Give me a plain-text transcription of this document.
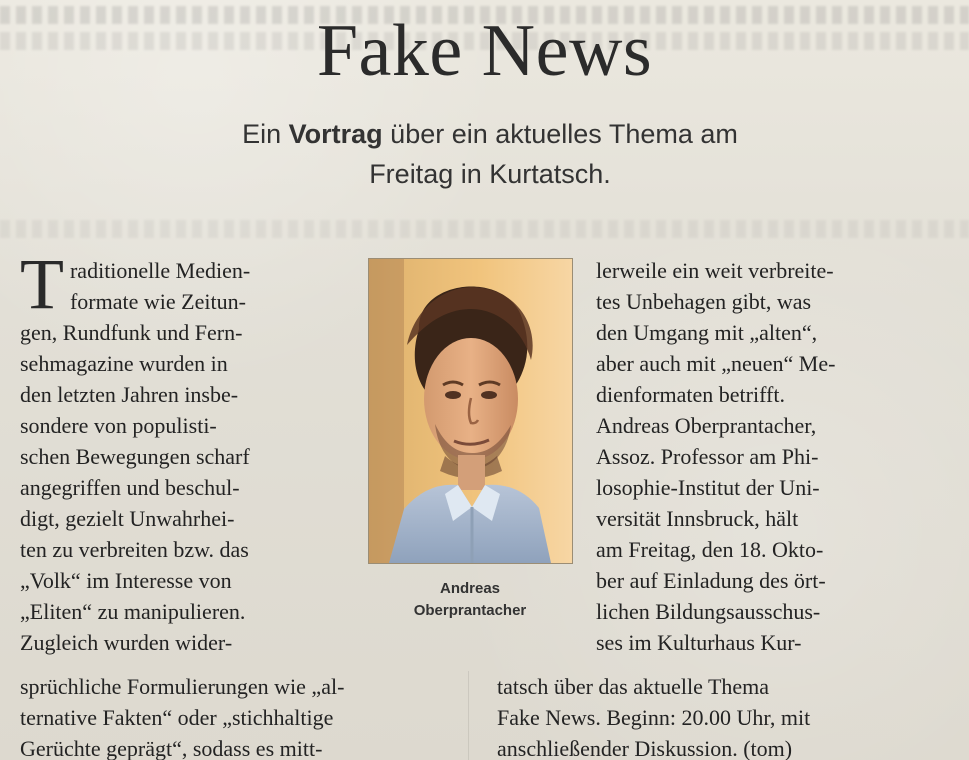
Fake News
Ein Vortrag über ein aktuelles Thema am
Freitag in Kurtatsch.
T raditionelle Medien-
formate wie Zeitun-
gen, Rundfunk und Fern-
sehmagazine wurden in
den letzten Jahren insbe-
sondere von populisti-
schen Bewegungen scharf
angegriffen und beschul-
digt, gezielt Unwahrhei-
ten zu verbreiten bzw. das
„Volk“ im Interesse von
„Eliten“ zu manipulieren.
Zugleich wurden wider-
Andreas
Oberprantacher
lerweile ein weit verbreite-
tes Unbehagen gibt, was
den Umgang mit „alten“,
aber auch mit „neuen“ Me-
dienformaten betrifft.
Andreas Oberprantacher,
Assoz. Professor am Phi-
losophie-Institut der Uni-
versität Innsbruck, hält
am Freitag, den 18. Okto-
ber auf Einladung des ört-
lichen Bildungsausschus-
ses im Kulturhaus Kur-
sprüchliche Formulierungen wie „al-
ternative Fakten“ oder „stichhaltige
Gerüchte geprägt“, sodass es mitt-
tatsch über das aktuelle Thema
Fake News. Beginn: 20.00 Uhr, mit
anschließender Diskussion. (tom)
